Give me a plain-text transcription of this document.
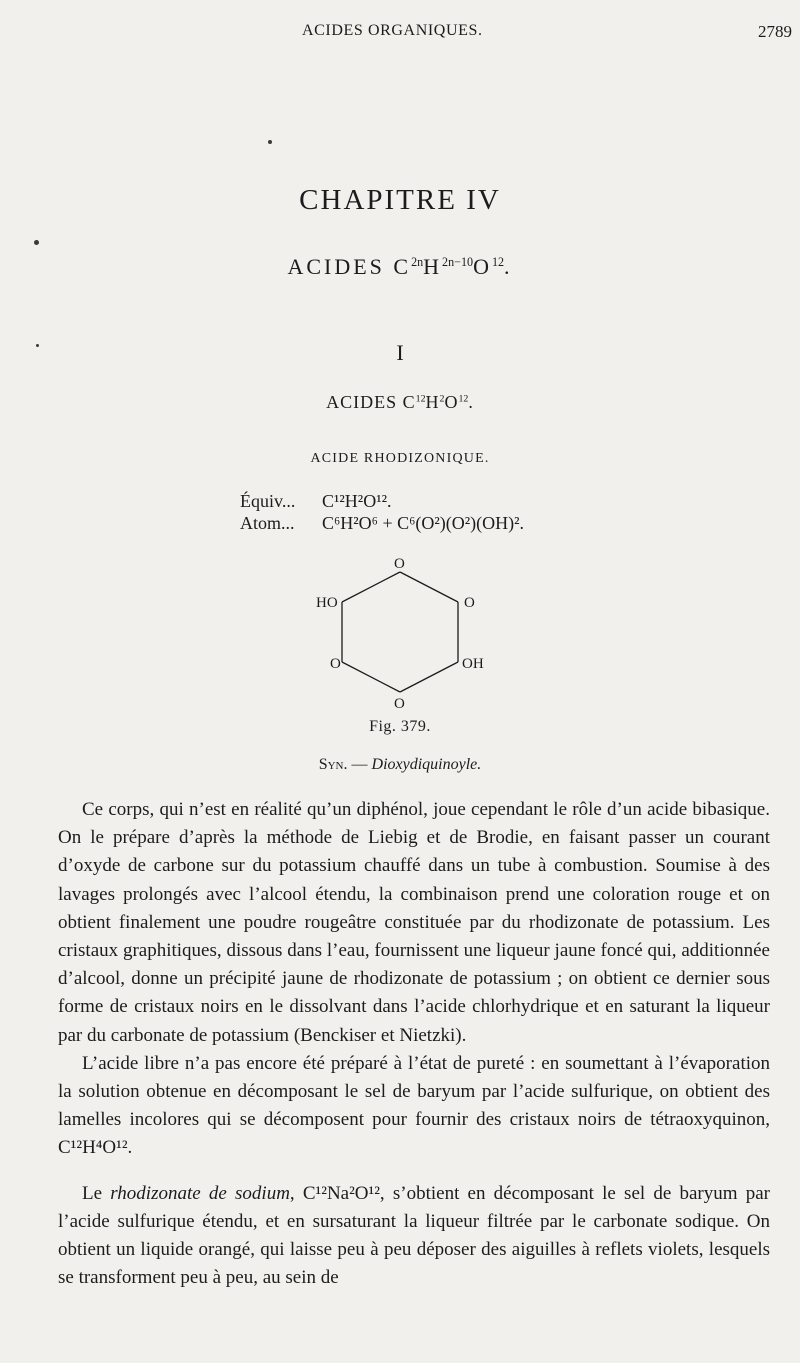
ACIDES ORGANIQUES.	2789
CHAPITRE IV
ACIDES $C^{2n}H^{2n-10}O^{12}$.
I
ACIDES $C^{12}H^2O^{12}$.
ACIDE RHODIZONIQUE.
Équiv... C¹²H²O¹².
Atom... C⁶H²O⁶ + C⁶(O²)(O²)(OH)².
O
HO	O
O	OH
O
Fig. 379.
Syn. — Dioxydiquinoyle.

Ce corps, qui n’est en réalité qu’un diphénol, joue cependant le rôle d’un acide bibasique. On le prépare d’après la méthode de Liebig et de Brodie, en faisant passer un courant d’oxyde de carbone sur du potassium chauffé dans un tube à combustion. Soumise à des lavages prolongés avec l’alcool étendu, la combinaison prend une coloration rouge et on obtient finalement une poudre rougeâtre constituée par du rhodizonate de potassium. Les cristaux graphitiques, dissous dans l’eau, fournissent une liqueur jaune foncé qui, additionnée d’alcool, donne un précipité jaune de rhodizonate de potassium ; on obtient ce dernier sous forme de cristaux noirs en le dissolvant dans l’acide chlorhydrique et en saturant la liqueur par du carbonate de potassium (Benckiser et Nietzki).

L’acide libre n’a pas encore été préparé à l’état de pureté : en soumettant à l’évaporation la solution obtenue en décomposant le sel de baryum par l’acide sulfurique, on obtient des lamelles incolores qui se décomposent pour fournir des cristaux noirs de tétraoxyquinon, C¹²H⁴O¹².

Le rhodizonate de sodium, C¹²Na²O¹², s’obtient en décomposant le sel de baryum par l’acide sulfurique étendu, et en sursaturant la liqueur filtrée par le carbonate sodique. On obtient un liquide orangé, qui laisse peu à peu déposer des aiguilles à reflets violets, lesquels se transforment peu à peu, au sein de
